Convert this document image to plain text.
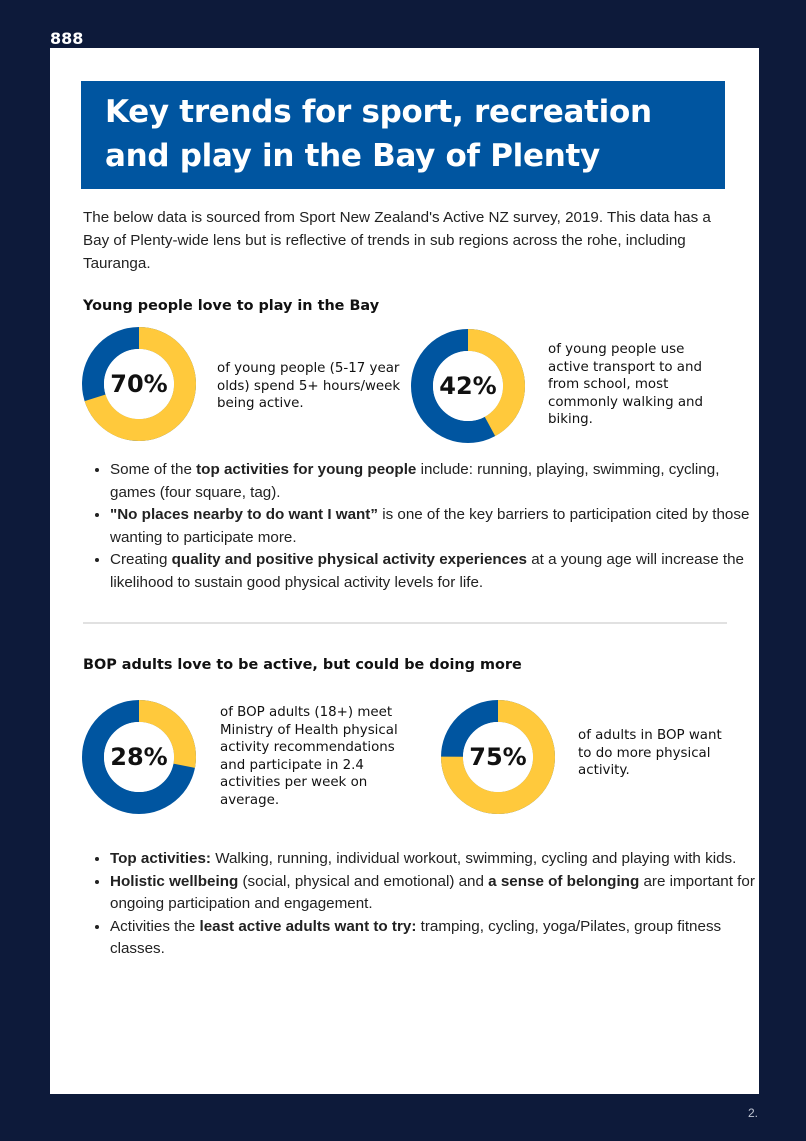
888
Key trends for sport, recreation and play in the Bay of Plenty
The below data is sourced from Sport New Zealand's Active NZ survey, 2019. This data has a Bay of Plenty-wide lens but is reflective of trends in sub regions across the rohe, including Tauranga.
Young people love to play in the Bay
70%
of young people (5-17 year olds) spend 5+ hours/week being active.
42%
of young people use active transport to and from school, most commonly walking and biking.
• Some of the top activities for young people include: running, playing, swimming, cycling, games (four square, tag).
• "No places nearby to do want I want” is one of the key barriers to participation cited by those wanting to participate more.
• Creating quality and positive physical activity experiences at a young age will increase the likelihood to sustain good physical activity levels for life.
BOP adults love to be active, but could be doing more
28%
of BOP adults (18+) meet Ministry of Health physical activity recommendations and participate in 2.4 activities per week on average.
75%
of adults in BOP want to do more physical activity.
• Top activities: Walking, running, individual workout, swimming, cycling and playing with kids.
• Holistic wellbeing (social, physical and emotional) and a sense of belonging are important for ongoing participation and engagement.
• Activities the least active adults want to try: tramping, cycling, yoga/Pilates, group fitness classes.
2.
